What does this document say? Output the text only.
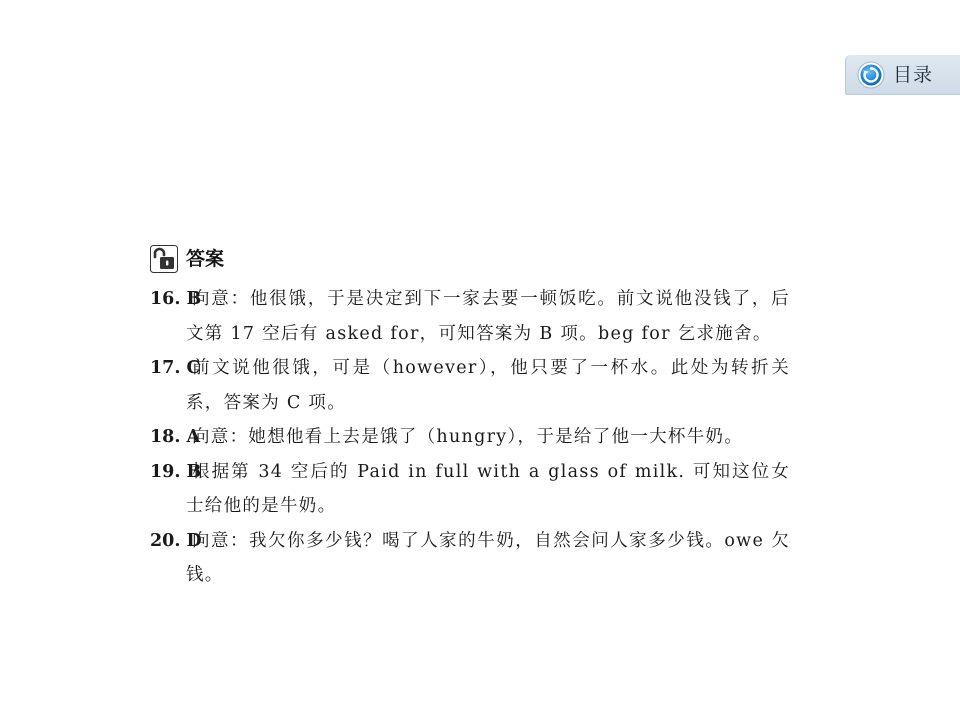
目录
答案
16. B
向意：他很饿，于是决定到下一家去要一顿饭吃。前文说他没钱了，后文第 17 空后有 asked for，可知答案为 B 项。beg for 乞求施舍。
17. C
前文说他很饿，可是（however），他只要了一杯水。此处为转折关系，答案为 C 项。
18. A
向意：她想他看上去是饿了（hungry），于是给了他一大杯牛奶。
19. B
根据第 34 空后的 Paid in full with a glass of milk. 可知这位女士给他的是牛奶。
20. D
向意：我欠你多少钱？喝了人家的牛奶，自然会问人家多少钱。owe 欠钱。
